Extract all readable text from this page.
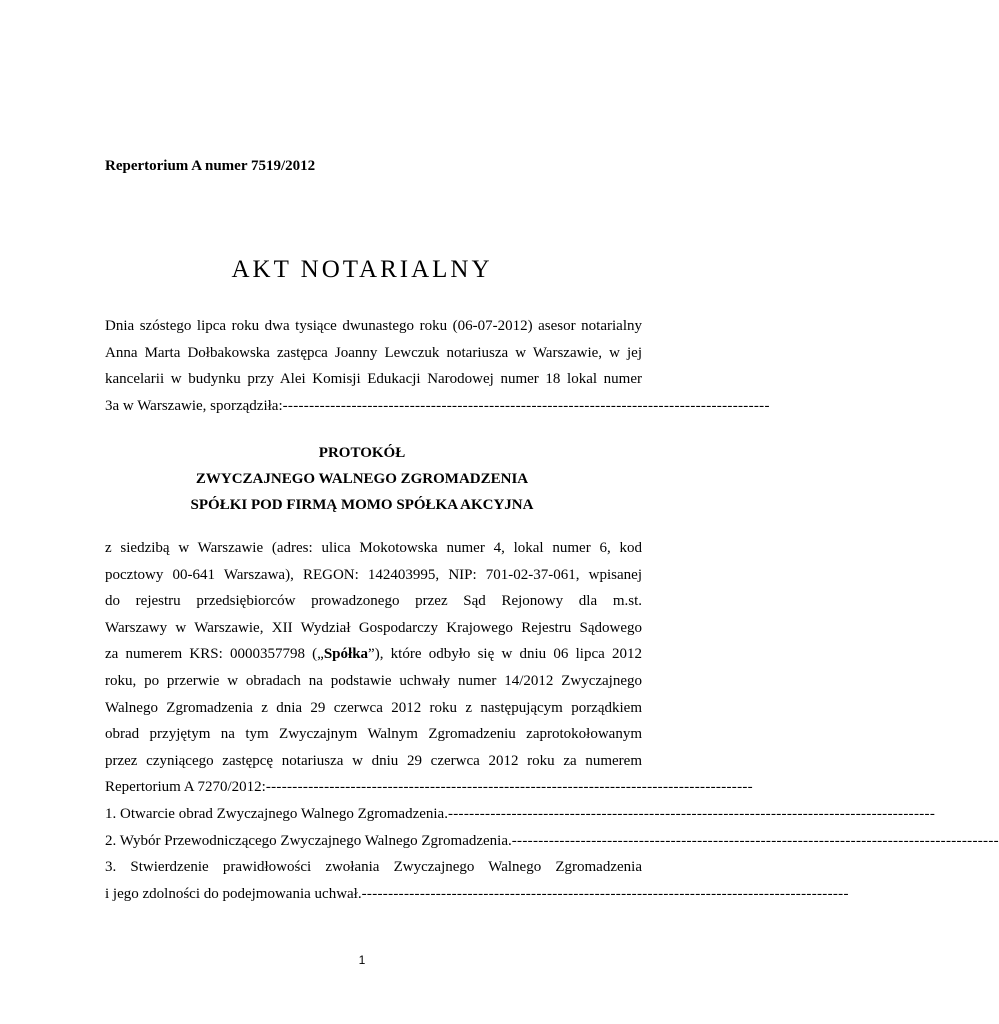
Repertorium A numer 7519/2012

AKT NOTARIALNY
Dnia szóstego lipca roku dwa tysiące dwunastego roku (06-07-2012) asesor notarialny
Anna Marta Dołbakowska zastępca Joanny Lewczuk notariusza w Warszawie, w jej
kancelarii w budynku przy Alei Komisji Edukacji Narodowej numer 18 lokal numer
3a w Warszawie, sporządziła: --------------------------------------------------------------------------------------------
PROTOKÓŁ
ZWYCZAJNEGO WALNEGO ZGROMADZENIA
SPÓŁKI POD FIRMĄ MOMO SPÓŁKA AKCYJNA
z siedzibą w Warszawie (adres: ulica Mokotowska numer 4, lokal numer 6, kod
pocztowy 00-641 Warszawa), REGON: 142403995, NIP: 701-02-37-061, wpisanej
do rejestru przedsiębiorców prowadzonego przez Sąd Rejonowy dla m.st.
Warszawy w Warszawie, XII Wydział Gospodarczy Krajowego Rejestru Sądowego
za numerem KRS: 0000357798 („Spółka”), które odbyło się w dniu 06 lipca 2012
roku, po przerwie w obradach na podstawie uchwały numer 14/2012 Zwyczajnego
Walnego Zgromadzenia z dnia 29 czerwca 2012 roku z następującym porządkiem
obrad przyjętym na tym Zwyczajnym Walnym Zgromadzeniu zaprotokołowanym
przez czyniącego zastępcę notariusza w dniu 29 czerwca 2012 roku za numerem
Repertorium A 7270/2012: --------------------------------------------------------------------------------------------
1. Otwarcie obrad Zwyczajnego Walnego Zgromadzenia. --------------------------------------------------------------------------------------------
2. Wybór Przewodniczącego Zwyczajnego Walnego Zgromadzenia. --------------------------------------------------------------------------------------------
3. Stwierdzenie prawidłowości zwołania Zwyczajnego Walnego Zgromadzenia
i jego zdolności do podejmowania uchwał. --------------------------------------------------------------------------------------------
1
